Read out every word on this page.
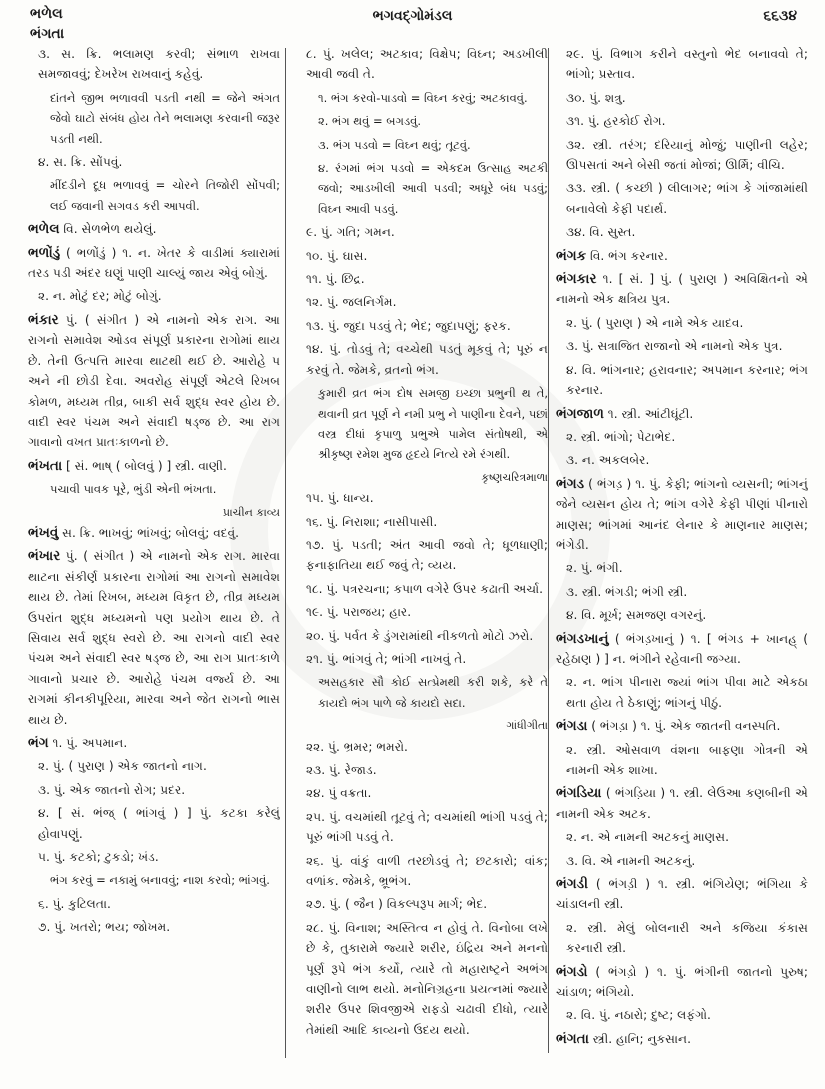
ભળેલ
ભંગતા
ભગવદ્ગોમંડલ	૬૬૩૪
૩. સ. ક્રિ. ભલામણ કરવી; સંભાળ રાખવા સમજાવવું; દેખરેખ રાખવાનું કહેવું.
દાંતને જીભ ભળાવવી પડતી નથી = જેને અંગત જેવો ઘાટો સંબંધ હોય તેને ભલામણ કરવાની જરૂર પડતી નથી.
૪. સ. ક્રિ. સોંપવું.
મીંદડીને દૂધ ભળાવવું = ચોરને તિજોરી સોંપવી; લઈ જવાની સગવડ કરી આપવી.
ભળેલ વિ. સેળભેળ થયેલું.
ભળોંડું ( ભળોંડું ) ૧. ન. ખેતર કે વાડીમાં ક્યારામાં તરડ પડી અંદર ઘણું પાણી ચાલ્યું જાય એવું બોગ઼ું.
૨. ન. મોટું દર; મોટું બોગ઼ું.
ભંકાર પું. ( સંગીત ) એ નામનો એક રાગ. આ રાગનો સમાવેશ ઓડવ સંપૂર્ણ પ્રકારના રાગોમાં થાય છે. તેની ઉત્પત્તિ મારવા થાટથી થઈ છે. આરોહે પ અને ની છોડી દેવા. અવરોહ સંપૂર્ણ એટલે રિખબ કોમળ, મધ્યમ તીવ્ર, બાકી સર્વ શુદ્ધ સ્વર હોય છે. વાદી સ્વર પંચમ અને સંવાદી ષડ્જ છે. આ રાગ ગાવાનો વખત પ્રાતઃકાળનો છે.
ભંખતા [ સં. ભાષ્ ( બોલવું ) ] સ્ત્રી. વાણી.
પચાવી પાવક પૂરે, ભુંડી એની ભંખતા.
પ્રાચીન કાવ્ય
ભંખવું સ. ક્રિ. ભાખવું; ભાંખવું; બોલવું; વદવું.
ભંખાર પું. ( સંગીત ) એ નામનો એક રાગ. મારવા થાટના સંકીર્ણ પ્રકારના રાગોમાં આ રાગનો સમાવેશ થાય છે. તેમાં રિખબ, મધ્યમ વિકૃત છે, તીવ્ર મધ્યમ ઉપરાંત શુદ્ધ મધ્યમનો પણ પ્રયોગ થાય છે. તે સિવાય સર્વ શુદ્ધ સ્વરો છે. આ રાગનો વાદી સ્વર પંચમ અને સંવાદી સ્વર ષડ્જ છે, આ રાગ પ્રાતઃકાળે ગાવાનો પ્રચાર છે. આરોહે પંચમ વર્જ્ય છે. આ રાગમાં કીનકીપૂરિયા, મારવા અને જેત રાગનો ભાસ થાય છે.
ભંગ ૧. પું. અપમાન.
૨. પું. ( પુરાણ ) એક જાતનો નાગ.
૩. પું. એક જાતનો રોગ; પ્રદર.
૪. [ સં. ભંજ્ ( ભાંગવું ) ] પું. કટકા કરેલું હોવાપણું.
૫. પું. કટકો; ટુકડો; ખંડ.
ભંગ કરવું = નકામું બનાવવું; નાશ કરવો; ભાંગવું.
૬. પું. કુટિલતા.
૭. પું. ખતરો; ભય; જોખમ.
૮. પું. ખલેલ; અટકાવ; વિક્ષેપ; વિઘ્ન; અડખીલી આવી જવી તે.
૧. ભંગ કરવો-પાડવો = વિઘ્ન કરવું; અટકાવવું.
૨. ભંગ થવું = બગડવું.
૩. ભંગ પડવો = વિઘ્ન થવું; તૂટવું.
૪. રંગમાં ભંગ પડવો = એકદમ ઉત્સાહ અટકી જવો; આડખીલી આવી પડવી; અધૂરે બંધ પડવું; વિઘ્ન આવી પડવું.
૯. પું. ગતિ; ગમન.
૧૦. પું. ઘાસ.
૧૧. પું. છિદ્ર.
૧૨. પું. જલનિર્ગમ.
૧૩. પું. જુદા પડવું તે; ભેદ; જુદાપણું; ફરક.
૧૪. પું. તોડવું તે; વચ્ચેથી પડતું મૂકવું તે; પૂરું ન કરવું તે. જેમકે, વ્રતનો ભંગ.
કુમારી વ્રત ભંગ દોષ સમજી ઇચ્છા પ્રભુની થ તે, થવાની વ્રત પૂર્ણ ને નમી પ્રભુ ને પાણીના દેવને, પછાં વસ્ત્ર દીધાં કૃપાળુ પ્રભુએ પામેલ સંતોષથી, એ શ્રીકૃષ્ણ રમેશ મુજ હૃદયે નિત્યે રમે રંગથી.
કૃષ્ણચરિત્રમાળા
૧૫. પું. ધાન્ય.
૧૬. પું. નિરાશા; નાસીપાસી.
૧૭. પું. પડતી; અંત આવી જવો તે; ધૂળધાણી; ફનાફાતિયા થઈ જવું તે; વ્યય.
૧૮. પું. પત્રરચના; કપાળ વગેરે ઉપર કઢાતી અર્ચા.
૧૯. પું. પરાજય; હાર.
૨૦. પું. પર્વત કે ડુંગરામાંથી નીકળતો મોટો ઝરો.
૨૧. પું. ભાંગવું તે; ભાંગી નાખવું તે.
અસહકાર સૌ કોઈ સત્પ્રેમથી કરી શકે, કરે તે કાયદો ભંગ પાળે જે કાયદો સદા.
ગાંધીગીતા
૨૨. પું. ભ્રમર; ભમરો.
૨૩. પું. રેજાડ.
૨૪. પું વક્રતા.
૨૫. પું. વચમાંથી તૂટવું તે; વચમાંથી ભાંગી પડવું તે; પૂરું ભાંગી પડવું તે.
૨૬. પું. વાંકું વાળી તરછોડવું તે; છટકારો; વાંક; વળાંક. જેમકે, ભ્રૂભંગ.
૨૭. પું. ( જૈન ) વિકલ્પરૂપ માર્ગ; ભેદ.
૨૮. પું. વિનાશ; અસ્તિત્વ ન હોવું તે. વિનોબા લખે છે કે, તુકારામે જ્યારે શરીર, ઇંદ્રિય અને મનનો પૂર્ણ રૂપે ભંગ કર્યો, ત્યારે તો મહારાષ્ટ્રને અભંગ વાણીનો લાભ થયો. મનોનિગ્રહના પ્રયત્નમાં જ્યારે શરીર ઉપર શિવજીએ રાફડો ચઢાવી દીધો, ત્યારે તેમાંથી આદિ કાવ્યનો ઉદય થયો.
૨૯. પું. વિભાગ કરીને વસ્તુનો ભેદ બનાવવો તે; ભાંગો; પ્રસ્તાવ.
૩૦. પું. શત્રુ.
૩૧. પું. હરકોઈ રોગ.
૩૨. સ્ત્રી. તરંગ; દરિયાનું મોજું; પાણીની લહેર; ઊપસતાં અને બેસી જતાં મોજાં; ઊર્મિ; વીચિ.
૩૩. સ્ત્રી. ( કચ્છી ) લીલાગર; ભાંગ કે ગાંજામાંથી બનાવેલો કેફી પદાર્થ.
૩૪. વિ. સુસ્ત.
ભંગક વિ. ભંગ કરનાર.
ભંગકાર ૧. [ સં. ] પું. ( પુરાણ ) અવિક્ષિતનો એ નામનો એક ક્ષત્રિય પુત્ર.
૨. પું. ( પુરાણ ) એ નામે એક યાદવ.
૩. પું. સત્રાજિત રાજાનો એ નામનો એક પુત્ર.
૪. વિ. ભાંગનાર; હરાવનાર; અપમાન કરનાર; ભંગ કરનાર.
ભંગજાળ ૧. સ્ત્રી. આંટીઘૂંટી.
૨. સ્ત્રી. ભાંગો; પેટાભેદ.
૩. ન. અકલબેર.
ભંગડ ( ભંગડ઼ ) ૧. પું. કેફી; ભાંગનો વ્યસની; ભાંગનું જેને વ્યસન હોય તે; ભાંગ વગેરે કેફી પીણાં પીનારો માણસ; ભાંગમાં આનંદ લેનાર કે માણનાર માણસ; ભંગેડી.
૨. પું. ભંગી.
૩. સ્ત્રી. ભંગડી; ભંગી સ્ત્રી.
૪. વિ. મૂર્ખ; સમજણ વગરનું.
ભંગડખાનું ( ભંગડ઼ખાનું ) ૧. [ ભંગડ + ખાનહ્ ( રહેઠાણ ) ] ન. ભંગીને રહેવાની જગ્યા.
૨. ન. ભાંગ પીનારા જ્યાં ભાંગ પીવા માટે એકઠા થતા હોય તે ઠેકાણું; ભાંગનું પીઠું.
ભંગડા ( ભંગડ઼ા ) ૧. પું. એક જાતની વનસ્પતિ.
૨. સ્ત્રી. ઓસવાળ વંશના બાફણા ગોત્રની એ નામની એક શાખા.
ભંગડિયા ( ભંગડ઼િયા ) ૧. સ્ત્રી. લેઉઆ કણબીની એ નામની એક અટક.
૨. ન. એ નામની અટકનું માણસ.
૩. વિ. એ નામની અટકનું.
ભંગડી ( ભંગડ઼ી ) ૧. સ્ત્રી. ભંગિયેણ; ભંગિયા કે ચાંડાલની સ્ત્રી.
૨. સ્ત્રી. મેલું બોલનારી અને કજિયા કંકાસ કરનારી સ્ત્રી.
ભંગડો ( ભંગડ઼ો ) ૧. પું. ભંગીની જાતનો પુરુષ; ચાંડાળ; ભંગિયો.
૨. વિ. પું. નઠારો; દુષ્ટ; લફંગો.
ભંગતા સ્ત્રી. હાનિ; નુકસાન.
